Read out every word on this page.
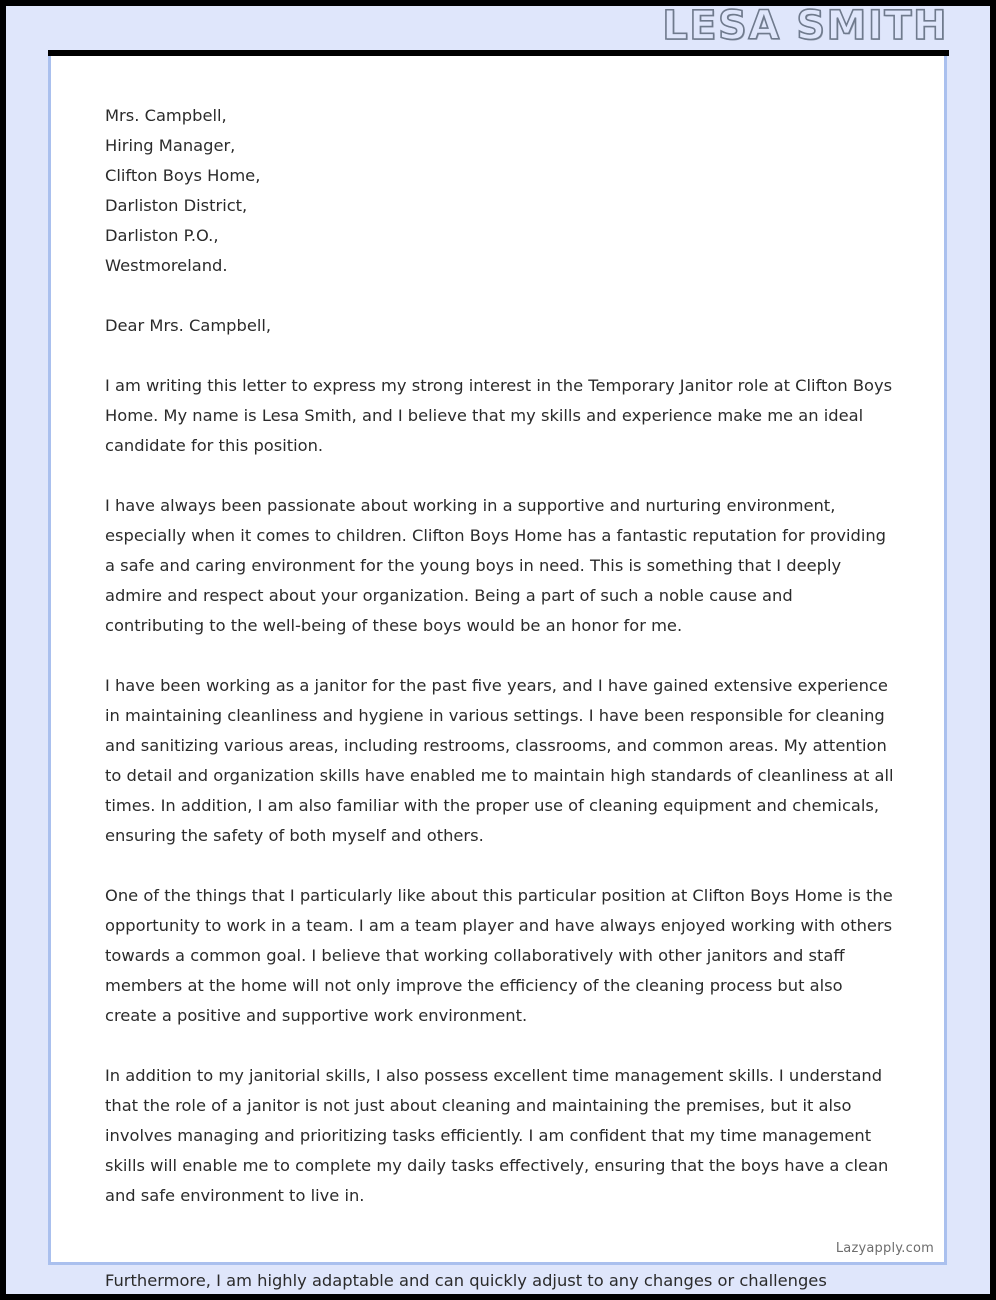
LESA SMITH
Mrs. Campbell,
Hiring Manager,
Clifton Boys Home,
Darliston District,
Darliston P.O.,
Westmoreland.

Dear Mrs. Campbell,

I am writing this letter to express my strong interest in the Temporary Janitor role at Clifton Boys Home. My name is Lesa Smith, and I believe that my skills and experience make me an ideal candidate for this position.

I have always been passionate about working in a supportive and nurturing environment, especially when it comes to children. Clifton Boys Home has a fantastic reputation for providing a safe and caring environment for the young boys in need. This is something that I deeply admire and respect about your organization. Being a part of such a noble cause and contributing to the well-being of these boys would be an honor for me.

I have been working as a janitor for the past five years, and I have gained extensive experience in maintaining cleanliness and hygiene in various settings. I have been responsible for cleaning and sanitizing various areas, including restrooms, classrooms, and common areas. My attention to detail and organization skills have enabled me to maintain high standards of cleanliness at all times. In addition, I am also familiar with the proper use of cleaning equipment and chemicals, ensuring the safety of both myself and others.

One of the things that I particularly like about this particular position at Clifton Boys Home is the opportunity to work in a team. I am a team player and have always enjoyed working with others towards a common goal. I believe that working collaboratively with other janitors and staff members at the home will not only improve the efficiency of the cleaning process but also create a positive and supportive work environment.

In addition to my janitorial skills, I also possess excellent time management skills. I understand that the role of a janitor is not just about cleaning and maintaining the premises, but it also involves managing and prioritizing tasks efficiently. I am confident that my time management skills will enable me to complete my daily tasks effectively, ensuring that the boys have a clean and safe environment to live in.

Lazyapply.com
Furthermore, I am highly adaptable and can quickly adjust to any changes or challenges
